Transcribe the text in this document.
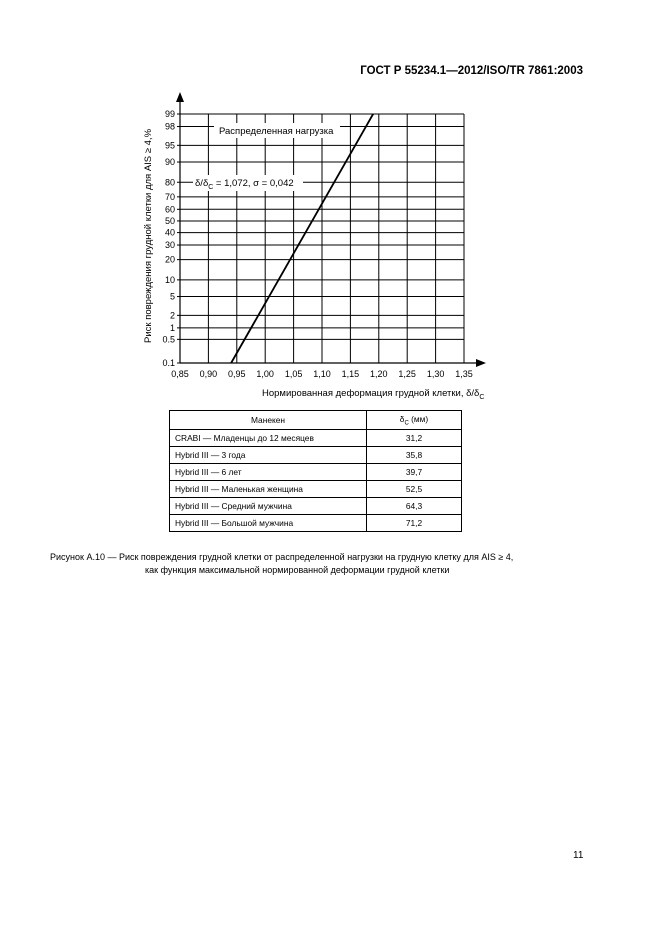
ГОСТ Р 55234.1—2012/ISO/TR 7861:2003
0,85 0,90 0,95 1,00 1,05 1,10 1,15 1,20 1,25 1,30 1,35
0.1
0.5
1
2
5
10
20
30
40
50
60
70
80
90
95
98
99
Распределенная нагрузка
$\delta/\delta_C = 1,072$, σ = 0,042
Нормированная деформация грудной клетки, $\delta/\delta_C$
Риск повреждения грудной клетки для AIS ≥ 4,%
Манекен	$\delta_C$ (мм)
CRABI — Младенцы до 12 месяцев	31,2
Hybrid III — 3 года	35,8
Hybrid III — 6 лет	39,7
Hybrid III — Маленькая женщина	52,5
Hybrid III — Средний мужчина	64,3
Hybrid III — Большой мужчина	71,2
Рисунок А.10 — Риск повреждения грудной клетки от распределенной нагрузки на грудную клетку для AIS ≥ 4,
как функция максимальной нормированной деформации грудной клетки
11
